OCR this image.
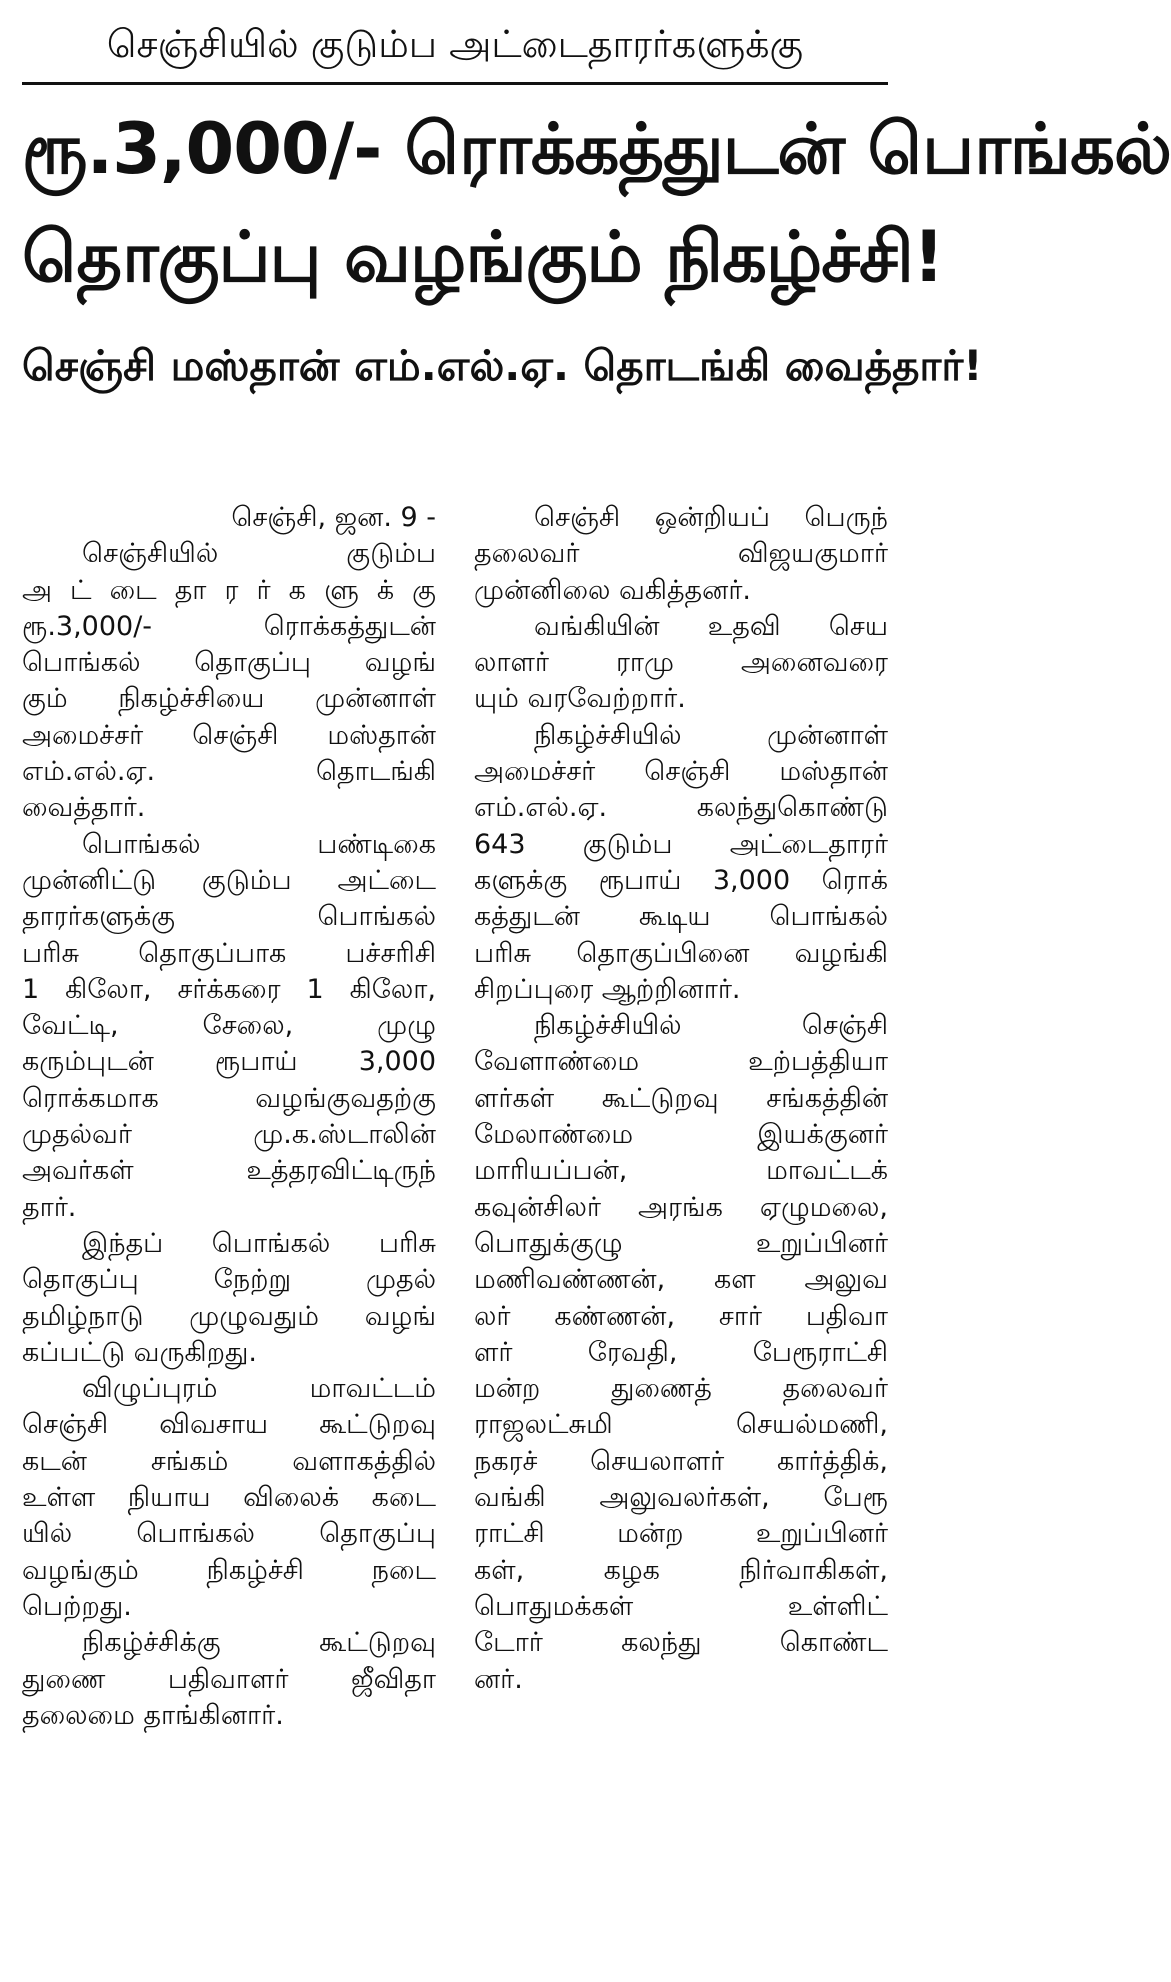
செஞ்சியில் குடும்ப அட்டைதாரர்களுக்கு
ரூ.3,000/- ரொக்கத்துடன் பொங்கல்
தொகுப்பு வழங்கும் நிகழ்ச்சி!
செஞ்சி மஸ்தான் எம்.எல்.ஏ. தொடங்கி வைத்தார்!
செஞ்சி, ஜன. 9 -
செஞ்சியில் குடும்ப
அ ட் டை தா ர ர் க ளு க் கு
ரூ.3,000/- ரொக்கத்துடன்
பொங்கல் தொகுப்பு வழங்
கும் நிகழ்ச்சியை முன்னாள்
அமைச்சர் செஞ்சி மஸ்தான்
எம்.எல்.ஏ. தொடங்கி
வைத்தார்.
பொங்கல் பண்டிகை
முன்னிட்டு குடும்ப அட்டை
தாரர்களுக்கு பொங்கல்
பரிசு தொகுப்பாக பச்சரிசி
1 கிலோ, சர்க்கரை 1 கிலோ,
வேட்டி, சேலை, முழு
கரும்புடன் ரூபாய் 3,000
ரொக்கமாக வழங்குவதற்கு
முதல்வர் மு.க.ஸ்டாலின்
அவர்கள் உத்தரவிட்டிருந்
தார்.
இந்தப் பொங்கல் பரிசு
தொகுப்பு நேற்று முதல்
தமிழ்நாடு முழுவதும் வழங்
கப்பட்டு வருகிறது.
விழுப்புரம் மாவட்டம்
செஞ்சி விவசாய கூட்டுறவு
கடன் சங்கம் வளாகத்தில்
உள்ள நியாய விலைக் கடை
யில் பொங்கல் தொகுப்பு
வழங்கும் நிகழ்ச்சி நடை
பெற்றது.
நிகழ்ச்சிக்கு கூட்டுறவு
துணை பதிவாளர் ஜீவிதா
தலைமை தாங்கினார்.
செஞ்சி ஒன்றியப் பெருந்
தலைவர் விஜயகுமார்
முன்னிலை வகித்தனர்.
வங்கியின் உதவி செய
லாளர் ராமு அனைவரை
யும் வரவேற்றார்.
நிகழ்ச்சியில் முன்னாள்
அமைச்சர் செஞ்சி மஸ்தான்
எம்.எல்.ஏ. கலந்துகொண்டு
643 குடும்ப அட்டைதாரர்
களுக்கு ரூபாய் 3,000 ரொக்
கத்துடன் கூடிய பொங்கல்
பரிசு தொகுப்பினை வழங்கி
சிறப்புரை ஆற்றினார்.
நிகழ்ச்சியில் செஞ்சி
வேளாண்மை உற்பத்தியா
ளர்கள் கூட்டுறவு சங்கத்தின்
மேலாண்மை இயக்குனர்
மாரியப்பன், மாவட்டக்
கவுன்சிலர் அரங்க ஏழுமலை,
பொதுக்குழு உறுப்பினர்
மணிவண்ணன், கள அலுவ
லர் கண்ணன், சார் பதிவா
ளர் ரேவதி, பேரூராட்சி
மன்ற துணைத் தலைவர்
ராஜலட்சுமி செயல்மணி,
நகரச் செயலாளர் கார்த்திக்,
வங்கி அலுவலர்கள், பேரூ
ராட்சி மன்ற உறுப்பினர்
கள், கழக நிர்வாகிகள்,
பொதுமக்கள் உள்ளிட்
டோர் கலந்து கொண்ட
னர்.
